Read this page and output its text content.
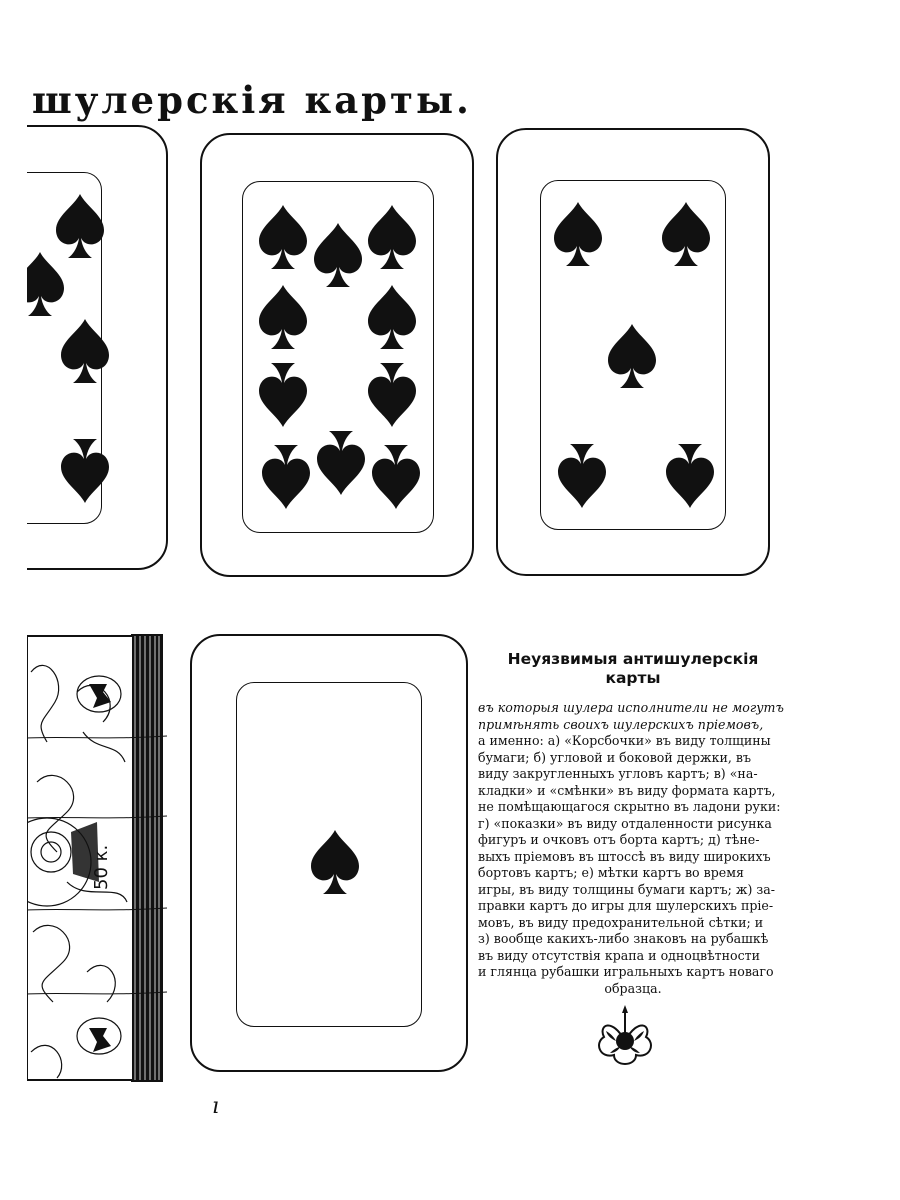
шулерскія карты.
50 к.
Неуязвимыя антишулерскія
карты
въ которыя шулера исполнители не могутъ
примѣнять своихъ шулерскихъ пріемовъ,
а именно: а) «Корсбочки» въ виду толщины
бумаги; б) угловой и боковой держки, въ
виду закругленныхъ угловъ картъ; в) «на-
кладки» и «смѣнки» въ виду формата картъ,
не помѣщающагося скрытно въ ладони руки:
г) «показки» въ виду отдаленности рисунка
фигуръ и очковъ отъ борта картъ; д) тѣне-
выхъ пріемовъ въ штоссѣ въ виду широкихъ
бортовъ картъ; е) мѣтки картъ во время
игры, въ виду толщины бумаги картъ; ж) за-
правки картъ до игры для шулерскихъ пріе-
мовъ, въ виду предохранительной сѣтки; и
з) вообще какихъ-либо знаковъ на рубашкѣ
въ виду отсутствія крапа и одноцвѣтности
и глянца рубашки игральныхъ картъ новаго
образца.
ı
